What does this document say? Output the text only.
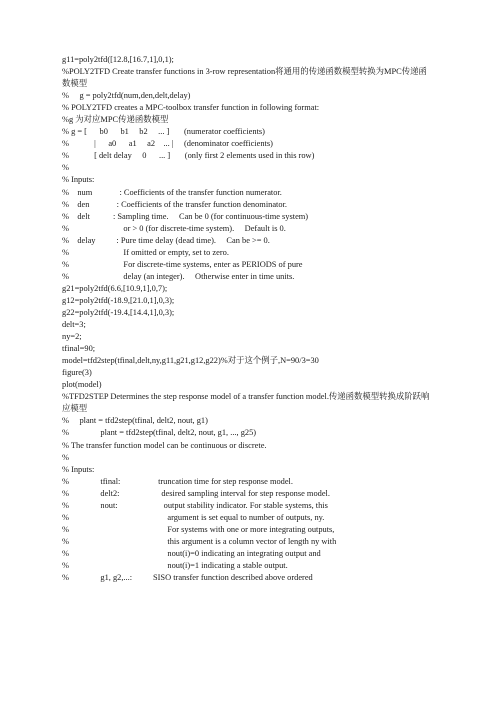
g11=poly2tfd([12.8,[16.7,1],0,1);
%POLY2TFD Create transfer functions in 3-row representation将通用的传递函数模型转换为MPC传递函数模型
%     g = poly2tfd(num,den,delt,delay)
% POLY2TFD creates a MPC-toolbox transfer function in following format:
%g 为对应MPC传递函数模型
% g = [      b0      b1     b2     ... ]       (numerator coefficients)
%            |      a0      a1     a2    ... |     (denominator coefficients)
%            [ delt delay     0      ... ]       (only first 2 elements used in this row)
%
% Inputs:
%    num             : Coefficients of the transfer function numerator.
%    den             : Coefficients of the transfer function denominator.
%    delt           : Sampling time.     Can be 0 (for continuous-time system)
%                          or > 0 (for discrete-time system).     Default is 0.
%    delay          : Pure time delay (dead time).     Can be >= 0.
%                          If omitted or empty, set to zero.
%                          For discrete-time systems, enter as PERIODS of pure
%                          delay (an integer).     Otherwise enter in time units.
g21=poly2tfd(6.6,[10.9,1],0,7);
g12=poly2tfd(-18.9,[21.0,1],0,3);
g22=poly2tfd(-19.4,[14.4,1],0,3);
delt=3;
ny=2;
tfinal=90;
model=tfd2step(tfinal,delt,ny,g11,g21,g12,g22)%对于这个例子,N=90/3=30
figure(3)
plot(model)
%TFD2STEP Determines the step response model of a transfer function model.传递函数模型转换成阶跃响应模型
%     plant = tfd2step(tfinal, delt2, nout, g1)
%               plant = tfd2step(tfinal, delt2, nout, g1, ..., g25)
% The transfer function model can be continuous or discrete.
%
% Inputs:
%               tfinal:                  truncation time for step response model.
%               delt2:                    desired sampling interval for step response model.
%               nout:                      output stability indicator. For stable systems, this
%                                               argument is set equal to number of outputs, ny.
%                                               For systems with one or more integrating outputs,
%                                               this argument is a column vector of length ny with
%                                               nout(i)=0 indicating an integrating output and
%                                               nout(i)=1 indicating a stable output.
%               g1, g2,...:          SISO transfer function described above ordered
